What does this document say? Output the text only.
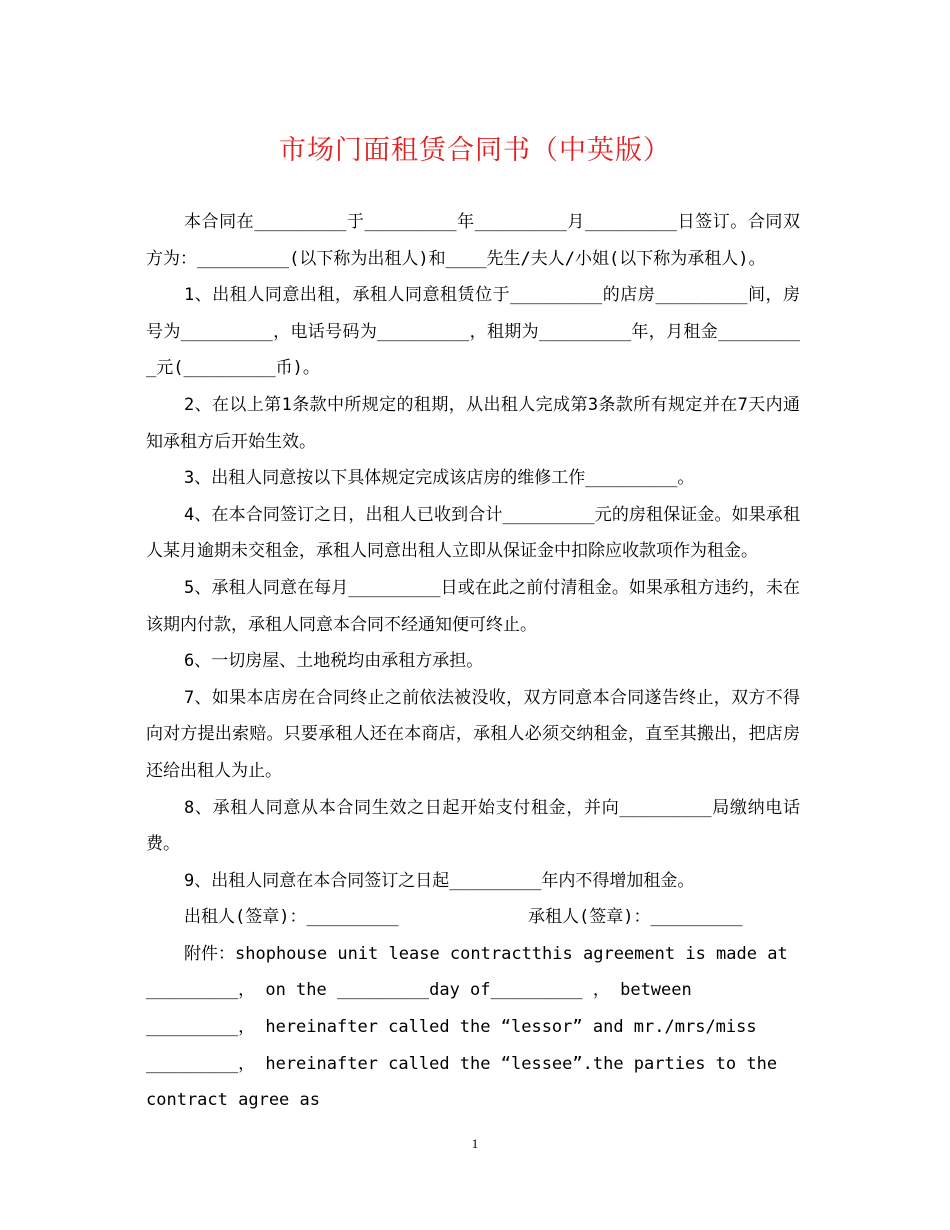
市场门面租赁合同书（中英版）

本合同在_________于_________年_________月_________日签订。合同双方为：_________(以下称为出租人)和____先生/夫人/小姐(以下称为承租人)。

1、出租人同意出租，承租人同意租赁位于_________的店房_________间，房号为_________，电话号码为_________，租期为_________年，月租金_________元(_________币)。

2、在以上第1条款中所规定的租期，从出租人完成第3条款所有规定并在7天内通知承租方后开始生效。

3、出租人同意按以下具体规定完成该店房的维修工作_________。

4、在本合同签订之日，出租人已收到合计_________元的房租保证金。如果承租人某月逾期未交租金，承租人同意出租人立即从保证金中扣除应收款项作为租金。

5、承租人同意在每月_________日或在此之前付清租金。如果承租方违约，未在该期内付款，承租人同意本合同不经通知便可终止。

6、一切房屋、土地税均由承租方承担。

7、如果本店房在合同终止之前依法被没收，双方同意本合同遂告终止，双方不得向对方提出索赔。只要承租人还在本商店，承租人必须交纳租金，直至其搬出，把店房还给出租人为止。

8、承租人同意从本合同生效之日起开始支付租金，并向_________局缴纳电话费。

9、出租人同意在本合同签订之日起_________年内不得增加租金。

出租人(签章)：_________	承租人(签章)：_________

附件：shophouse unit lease contractthis agreement is made at _________， on the _________day of_________ ， between _________， hereinafter called the “lessor” and mr./mrs/miss _________， hereinafter called the “lessee”.the parties to the contract agree as

1
